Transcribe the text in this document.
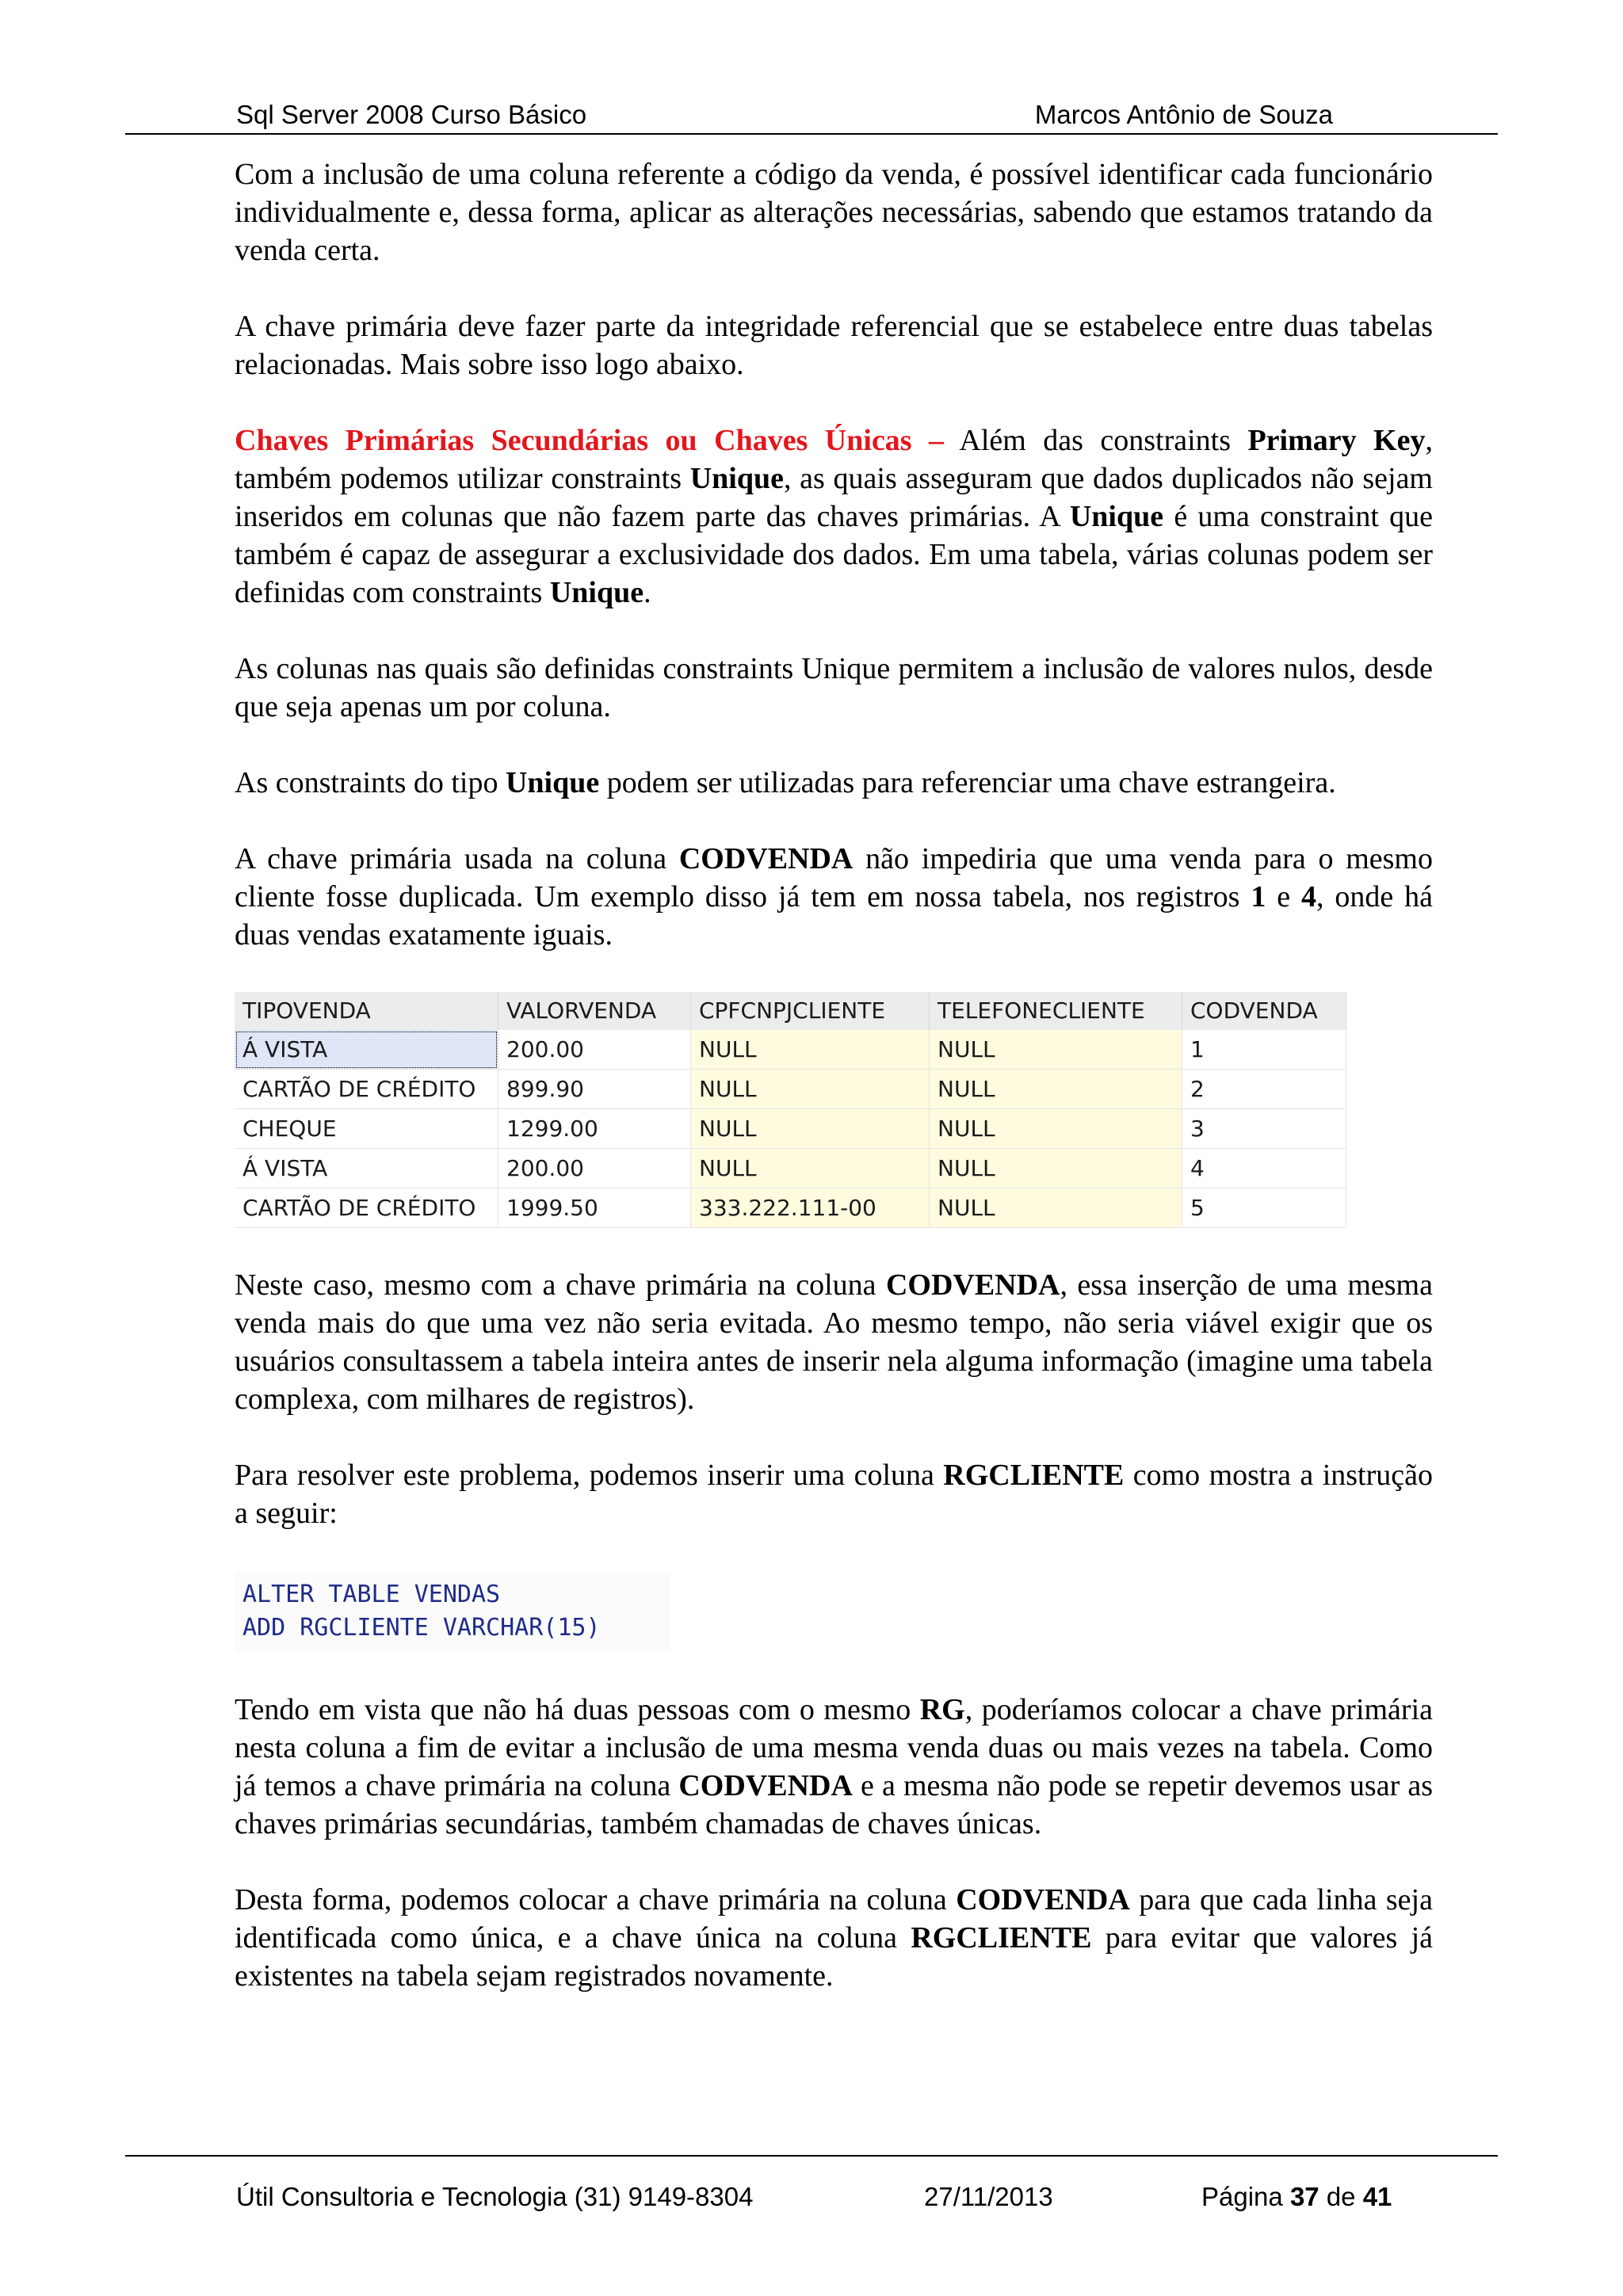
Sql Server 2008 Curso Básico	Marcos Antônio de Souza

Com a inclusão de uma coluna referente a código da venda, é possível identificar cada funcionário individualmente e, dessa forma, aplicar as alterações necessárias, sabendo que estamos tratando da venda certa.

A chave primária deve fazer parte da integridade referencial que se estabelece entre duas tabelas relacionadas. Mais sobre isso logo abaixo.

Chaves Primárias Secundárias ou Chaves Únicas – Além das constraints Primary Key, também podemos utilizar constraints Unique, as quais asseguram que dados duplicados não sejam inseridos em colunas que não fazem parte das chaves primárias. A Unique é uma constraint que também é capaz de assegurar a exclusividade dos dados. Em uma tabela, várias colunas podem ser definidas com constraints Unique.

As colunas nas quais são definidas constraints Unique permitem a inclusão de valores nulos, desde que seja apenas um por coluna.

As constraints do tipo Unique podem ser utilizadas para referenciar uma chave estrangeira.

A chave primária usada na coluna CODVENDA não impediria que uma venda para o mesmo cliente fosse duplicada. Um exemplo disso já tem em nossa tabela, nos registros 1 e 4, onde há duas vendas exatamente iguais.

TIPOVENDA	VALORVENDA	CPFCNPJCLIENTE	TELEFONECLIENTE	CODVENDA
Á VISTA	200.00	NULL	NULL	1
CARTÃO DE CRÉDITO	899.90	NULL	NULL	2
CHEQUE	1299.00	NULL	NULL	3
Á VISTA	200.00	NULL	NULL	4
CARTÃO DE CRÉDITO	1999.50	333.222.111-00	NULL	5

Neste caso, mesmo com a chave primária na coluna CODVENDA, essa inserção de uma mesma venda mais do que uma vez não seria evitada. Ao mesmo tempo, não seria viável exigir que os usuários consultassem a tabela inteira antes de inserir nela alguma informação (imagine uma tabela complexa, com milhares de registros).

Para resolver este problema, podemos inserir uma coluna RGCLIENTE como mostra a instrução a seguir:

ALTER TABLE VENDAS
ADD RGCLIENTE VARCHAR(15)

Tendo em vista que não há duas pessoas com o mesmo RG, poderíamos colocar a chave primária nesta coluna a fim de evitar a inclusão de uma mesma venda duas ou mais vezes na tabela. Como já temos a chave primária na coluna CODVENDA e a mesma não pode se repetir devemos usar as chaves primárias secundárias, também chamadas de chaves únicas.

Desta forma, podemos colocar a chave primária na coluna CODVENDA para que cada linha seja identificada como única, e a chave única na coluna RGCLIENTE para evitar que valores já existentes na tabela sejam registrados novamente.

Útil Consultoria e Tecnologia (31) 9149-8304	27/11/2013	Página 37 de 41
